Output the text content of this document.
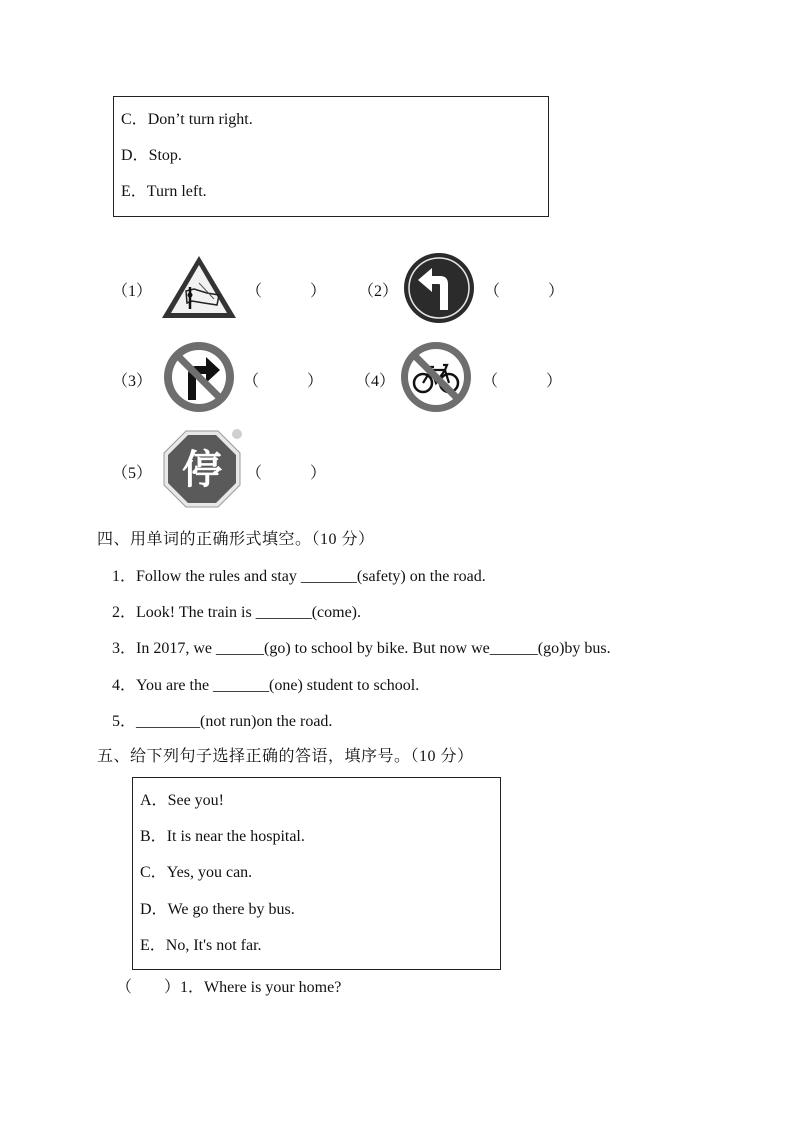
C．Don’t turn right.
D．Stop.
E．Turn left.
（1）	（　　　） （2）	（　　　）
（3）	（　　　） （4）	（　　　）
（5） 停 （　　　）
四、用单词的正确形式填空。（10 分）
1．Follow the rules and stay _______(safety) on the road.
2．Look! The train is _______(come).
3．In 2017, we ______(go) to school by bike. But now we______(go)by bus.
4．You are the _______(one) student to school.
5．________(not run)on the road.
五、给下列句子选择正确的答语，填序号。（10 分）
A．See you!
B．It is near the hospital.
C．Yes, you can.
D．We go there by bus.
E．No, It's not far.
（　　）1．Where is your home?
